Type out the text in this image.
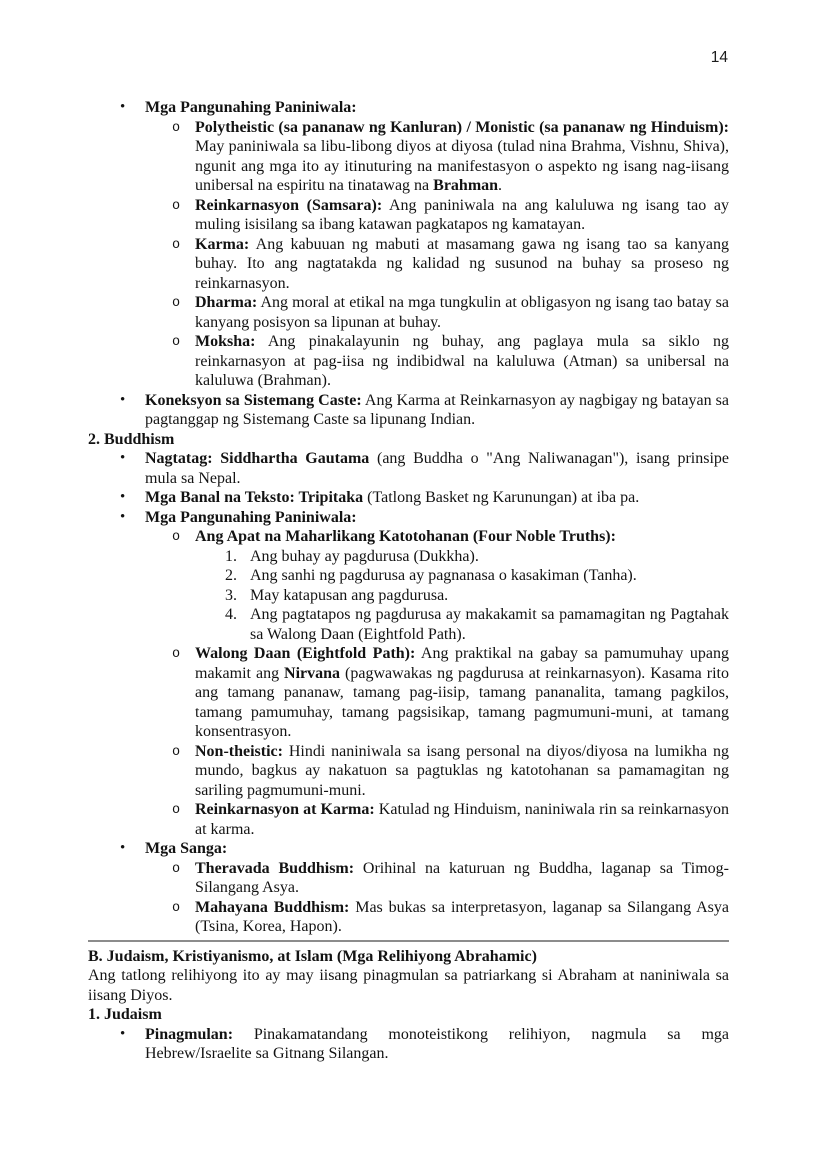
14
• Mga Pangunahing Paniniwala:
o Polytheistic (sa pananaw ng Kanluran) / Monistic (sa pananaw ng Hinduism): May paniniwala sa libu-libong diyos at diyosa (tulad nina Brahma, Vishnu, Shiva), ngunit ang mga ito ay itinuturing na manifestasyon o aspekto ng isang nag-iisang unibersal na espiritu na tinatawag na Brahman.
o Reinkarnasyon (Samsara): Ang paniniwala na ang kaluluwa ng isang tao ay muling isisilang sa ibang katawan pagkatapos ng kamatayan.
o Karma: Ang kabuuan ng mabuti at masamang gawa ng isang tao sa kanyang buhay. Ito ang nagtatakda ng kalidad ng susunod na buhay sa proseso ng reinkarnasyon.
o Dharma: Ang moral at etikal na mga tungkulin at obligasyon ng isang tao batay sa kanyang posisyon sa lipunan at buhay.
o Moksha: Ang pinakalayunin ng buhay, ang paglaya mula sa siklo ng reinkarnasyon at pag-iisa ng indibidwal na kaluluwa (Atman) sa unibersal na kaluluwa (Brahman).
• Koneksyon sa Sistemang Caste: Ang Karma at Reinkarnasyon ay nagbigay ng batayan sa pagtanggap ng Sistemang Caste sa lipunang Indian.
2. Buddhism
• Nagtatag: Siddhartha Gautama (ang Buddha o "Ang Naliwanagan"), isang prinsipe mula sa Nepal.
• Mga Banal na Teksto: Tripitaka (Tatlong Basket ng Karunungan) at iba pa.
• Mga Pangunahing Paniniwala:
o Ang Apat na Maharlikang Katotohanan (Four Noble Truths):
1. Ang buhay ay pagdurusa (Dukkha).
2. Ang sanhi ng pagdurusa ay pagnanasa o kasakiman (Tanha).
3. May katapusan ang pagdurusa.
4. Ang pagtatapos ng pagdurusa ay makakamit sa pamamagitan ng Pagtahak sa Walong Daan (Eightfold Path).
o Walong Daan (Eightfold Path): Ang praktikal na gabay sa pamumuhay upang makamit ang Nirvana (pagwawakas ng pagdurusa at reinkarnasyon). Kasama rito ang tamang pananaw, tamang pag-iisip, tamang pananalita, tamang pagkilos, tamang pamumuhay, tamang pagsisikap, tamang pagmumuni-muni, at tamang konsentrasyon.
o Non-theistic: Hindi naniniwala sa isang personal na diyos/diyosa na lumikha ng mundo, bagkus ay nakatuon sa pagtuklas ng katotohanan sa pamamagitan ng sariling pagmumuni-muni.
o Reinkarnasyon at Karma: Katulad ng Hinduism, naniniwala rin sa reinkarnasyon at karma.
• Mga Sanga:
o Theravada Buddhism: Orihinal na katuruan ng Buddha, laganap sa Timog-Silangang Asya.
o Mahayana Buddhism: Mas bukas sa interpretasyon, laganap sa Silangang Asya (Tsina, Korea, Hapon).
B. Judaism, Kristiyanismo, at Islam (Mga Relihiyong Abrahamic)
Ang tatlong relihiyong ito ay may iisang pinagmulan sa patriarkang si Abraham at naniniwala sa iisang Diyos.
1. Judaism
• Pinagmulan: Pinakamatandang monoteistikong relihiyon, nagmula sa mga Hebrew/Israelite sa Gitnang Silangan.
